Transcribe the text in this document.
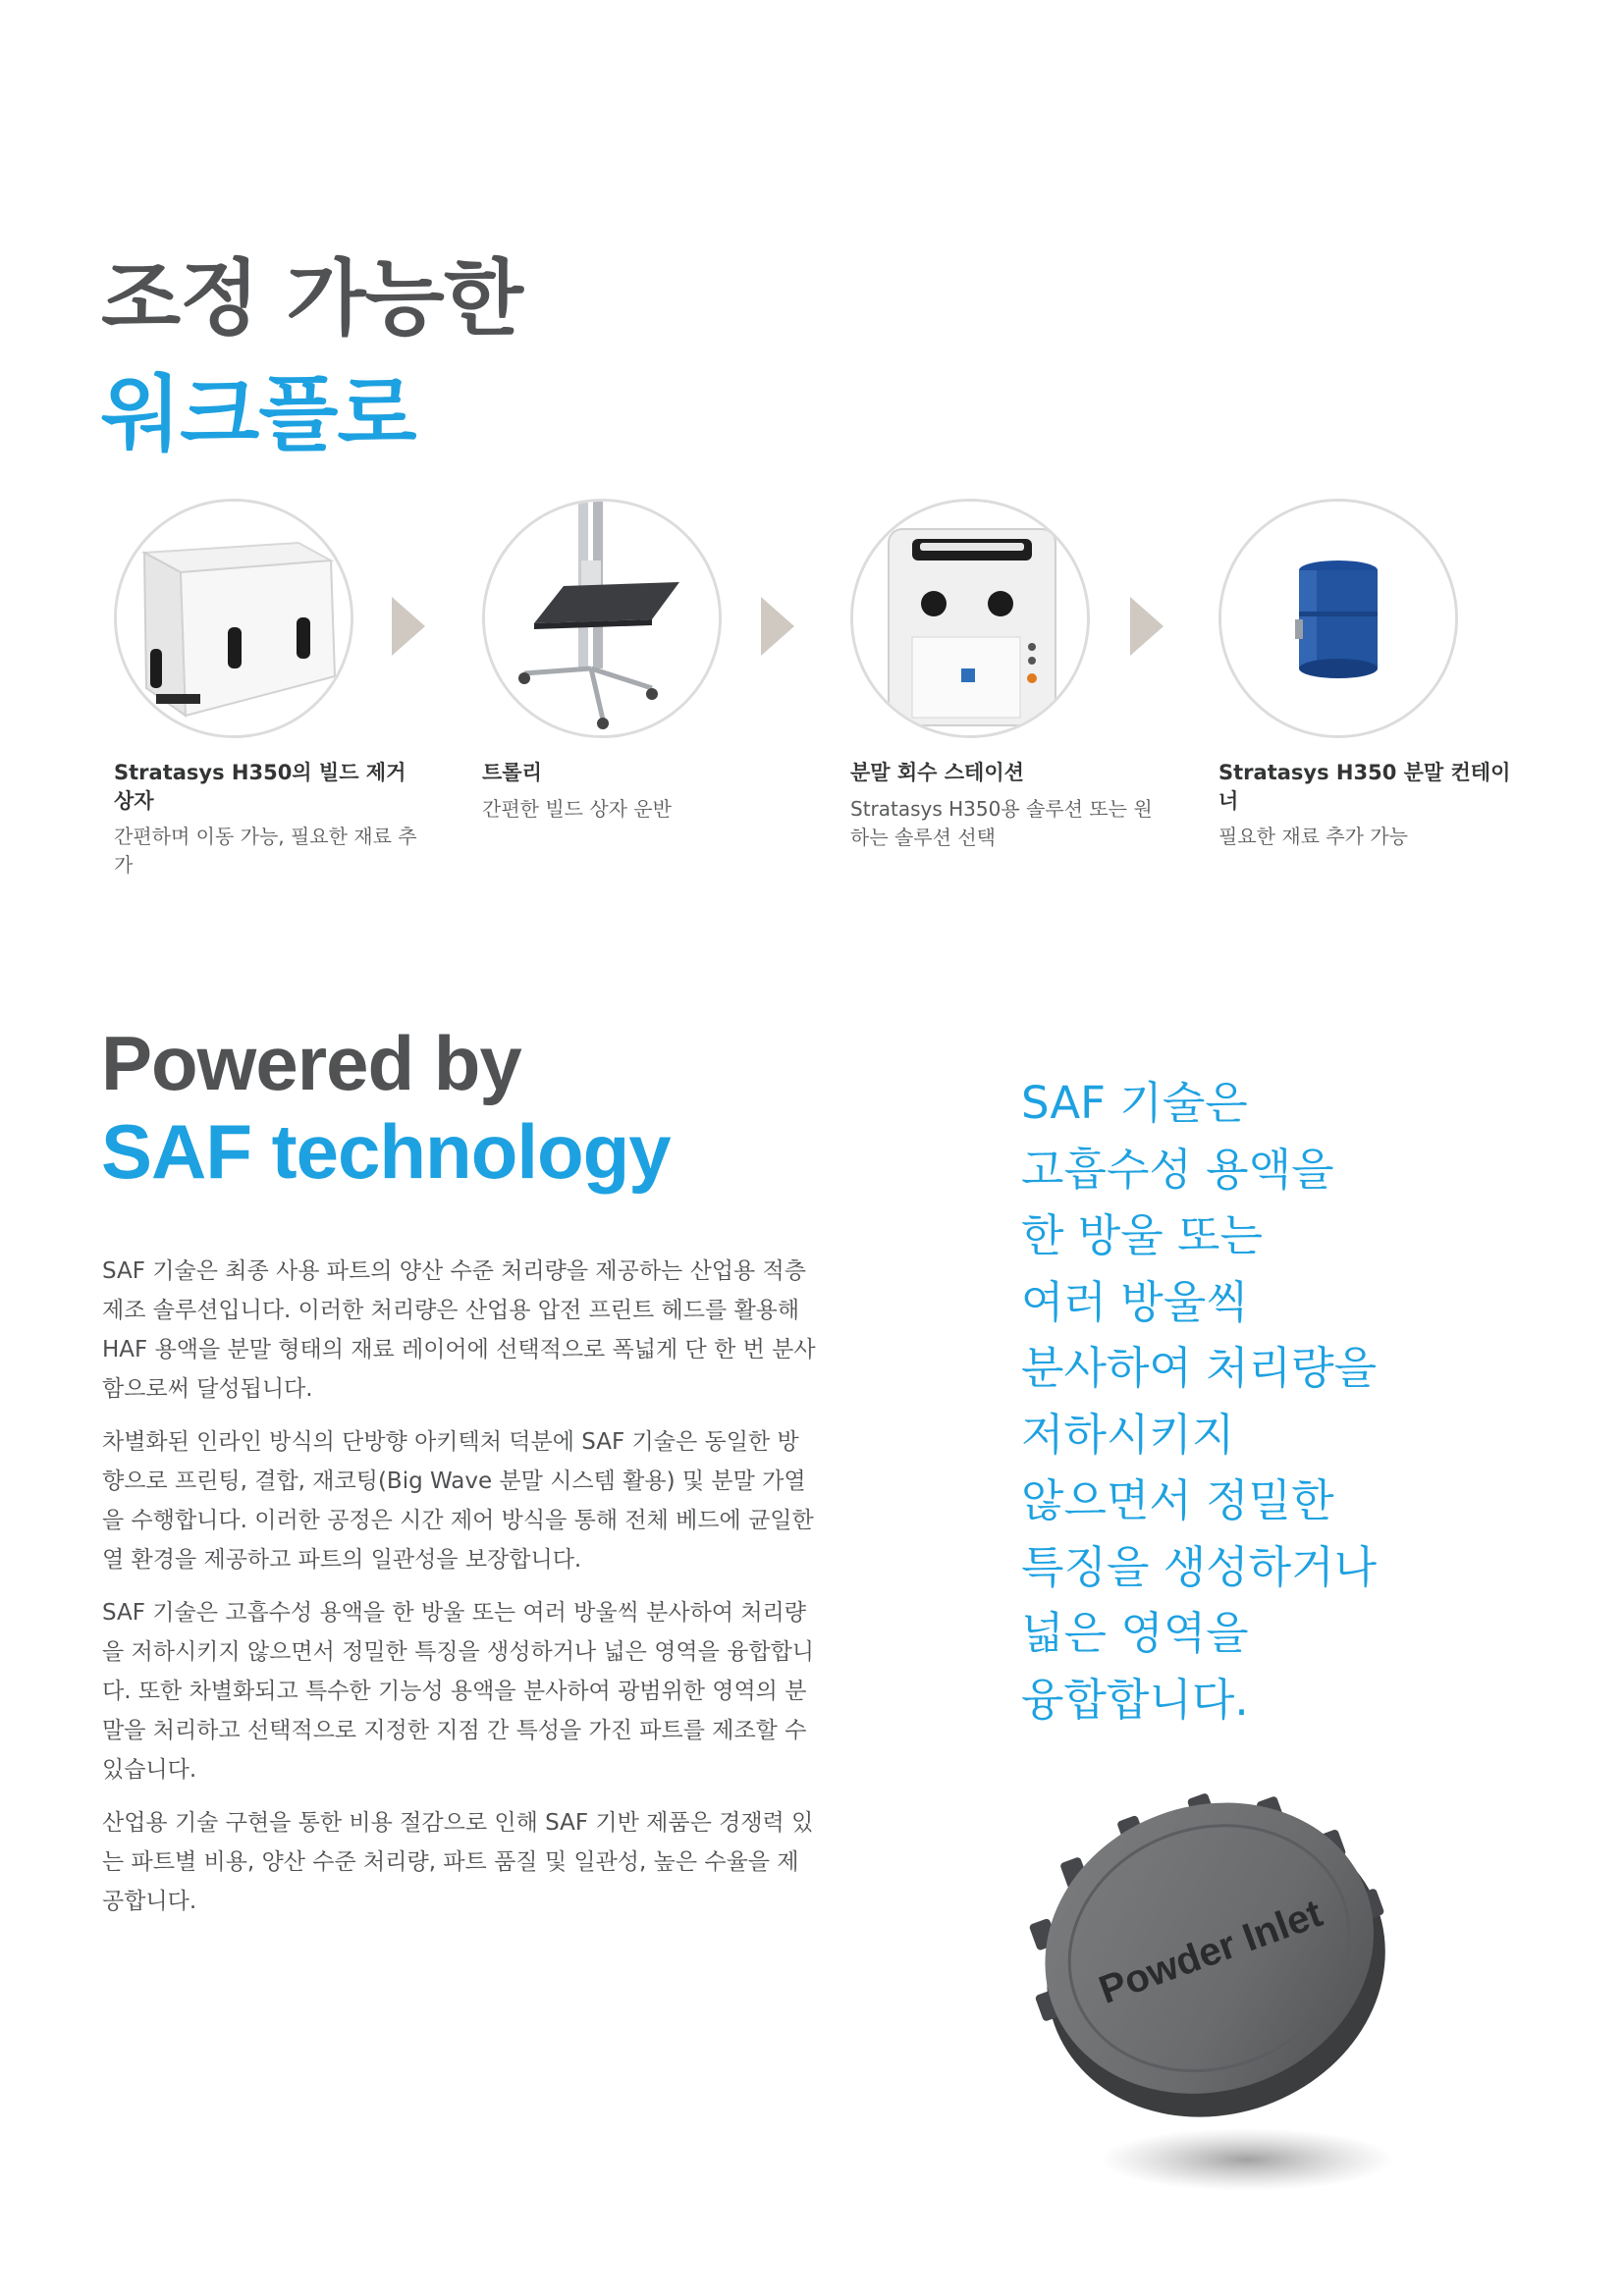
조정 가능한
워크플로
Stratasys H350의 빌드 제거 상자

간편하며 이동 가능, 필요한 재료 추가

트롤리

간편한 빌드 상자 운반

분말 회수 스테이션

Stratasys H350용 솔루션 또는 원하는 솔루션 선택

Stratasys H350 분말 컨테이너

필요한 재료 추가 가능

Powered by
SAF technology

SAF 기술은 최종 사용 파트의 양산 수준 처리량을 제공하는 산업용 적층 제조 솔루션입니다. 이러한 처리량은 산업용 압전 프린트 헤드를 활용해 HAF 용액을 분말 형태의 재료 레이어에 선택적으로 폭넓게 단 한 번 분사함으로써 달성됩니다.

차별화된 인라인 방식의 단방향 아키텍처 덕분에 SAF 기술은 동일한 방향으로 프린팅, 결합, 재코팅(Big Wave 분말 시스템 활용) 및 분말 가열을 수행합니다. 이러한 공정은 시간 제어 방식을 통해 전체 베드에 균일한 열 환경을 제공하고 파트의 일관성을 보장합니다.

SAF 기술은 고흡수성 용액을 한 방울 또는 여러 방울씩 분사하여 처리량을 저하시키지 않으면서 정밀한 특징을 생성하거나 넓은 영역을 융합합니다. 또한 차별화되고 특수한 기능성 용액을 분사하여 광범위한 영역의 분말을 처리하고 선택적으로 지정한 지점 간 특성을 가진 파트를 제조할 수 있습니다.

산업용 기술 구현을 통한 비용 절감으로 인해 SAF 기반 제품은 경쟁력 있는 파트별 비용, 양산 수준 처리량, 파트 품질 및 일관성, 높은 수율을 제공합니다.

SAF 기술은
고흡수성 용액을
한 방울 또는
여러 방울씩
분사하여 처리량을
저하시키지
않으면서 정밀한
특징을 생성하거나
넓은 영역을
융합합니다.

Powder Inlet
